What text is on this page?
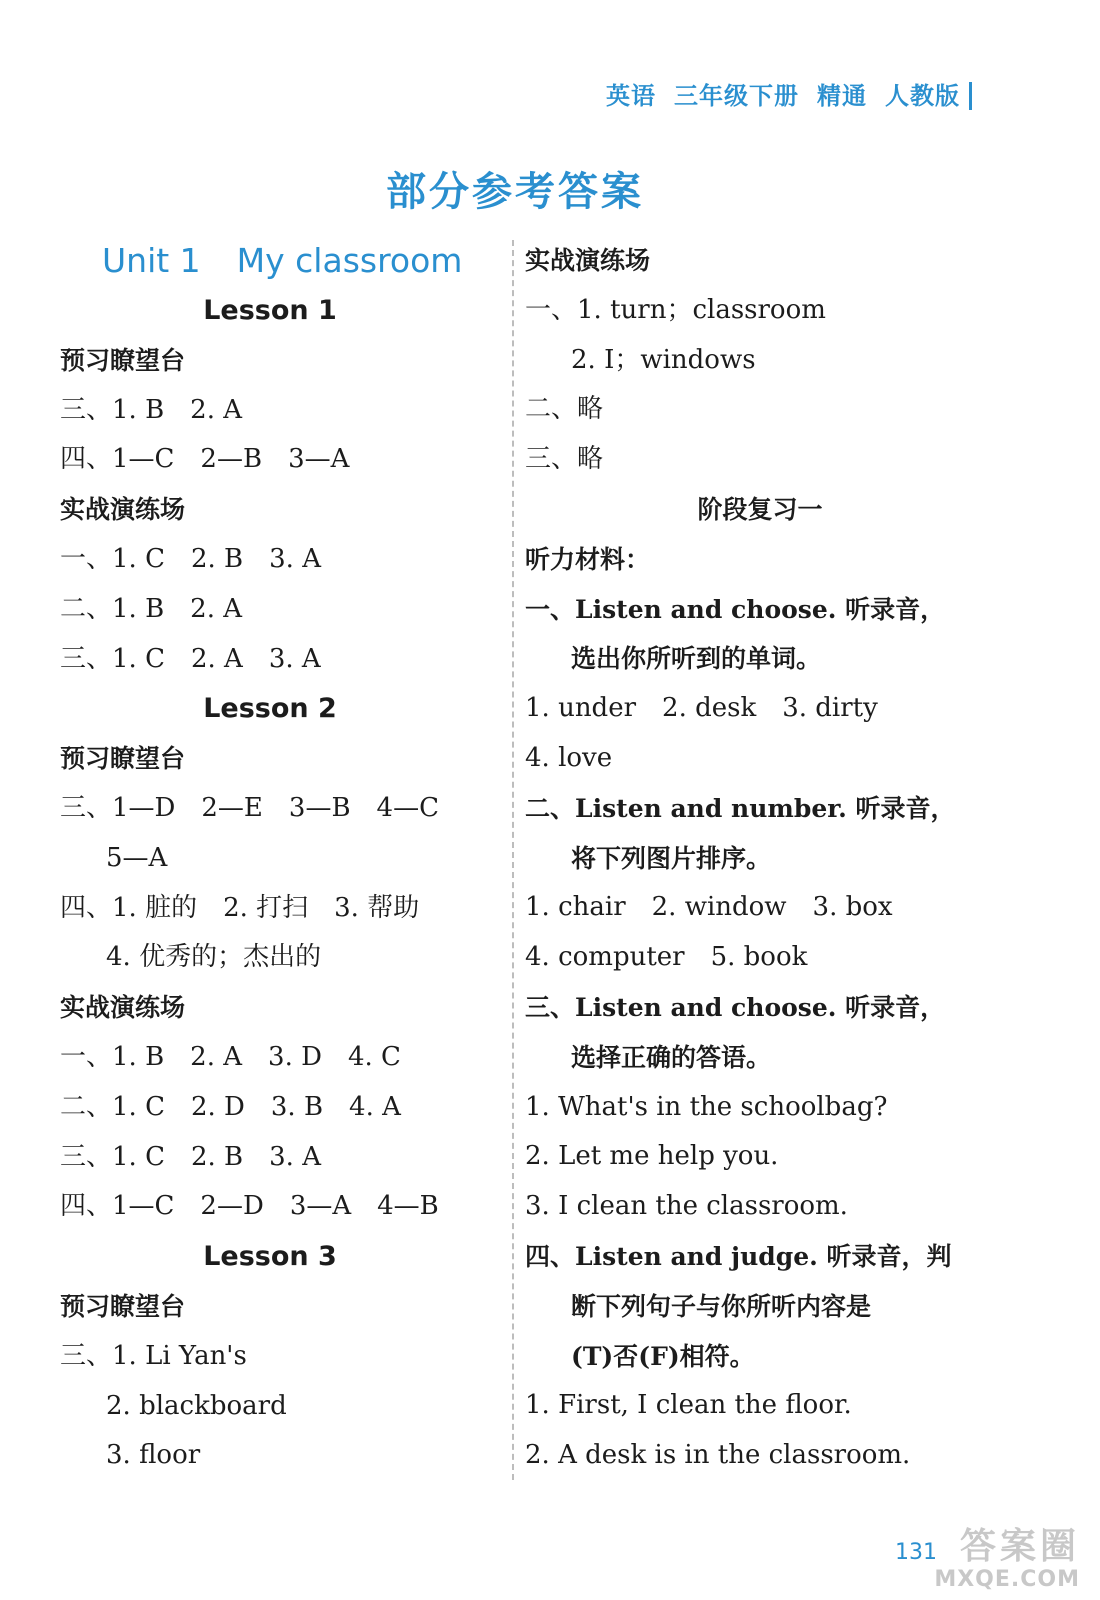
英语 三年级下册 精通 人教版
部分参考答案
Unit 1 My classroom
Lesson 1
预习瞭望台
三、1. B　2. A
四、1—C　2—B　3—A
实战演练场
一、1. C　2. B　3. A
二、1. B　2. A
三、1. C　2. A　3. A
Lesson 2
预习瞭望台
三、1—D　2—E　3—B　4—C
5—A
四、1. 脏的　2. 打扫　3. 帮助
4. 优秀的；杰出的
实战演练场
一、1. B　2. A　3. D　4. C
二、1. C　2. D　3. B　4. A
三、1. C　2. B　3. A
四、1—C　2—D　3—A　4—B
Lesson 3
预习瞭望台
三、1. Li Yan's
2. blackboard
3. floor
实战演练场
一、1. turn；classroom
2. I；windows
二、略
三、略
阶段复习一
听力材料：
一、Listen and choose. 听录音，
选出你所听到的单词。
1. under　2. desk　3. dirty
4. love
二、Listen and number. 听录音，
将下列图片排序。
1. chair　2. window　3. box
4. computer　5. book
三、Listen and choose. 听录音，
选择正确的答语。
1. What's in the schoolbag?
2. Let me help you.
3. I clean the classroom.
四、Listen and judge. 听录音，判
断下列句子与你所听内容是
(T)否(F)相符。
1. First, I clean the floor.
2. A desk is in the classroom.
131 答案圈
MXQE.COM
